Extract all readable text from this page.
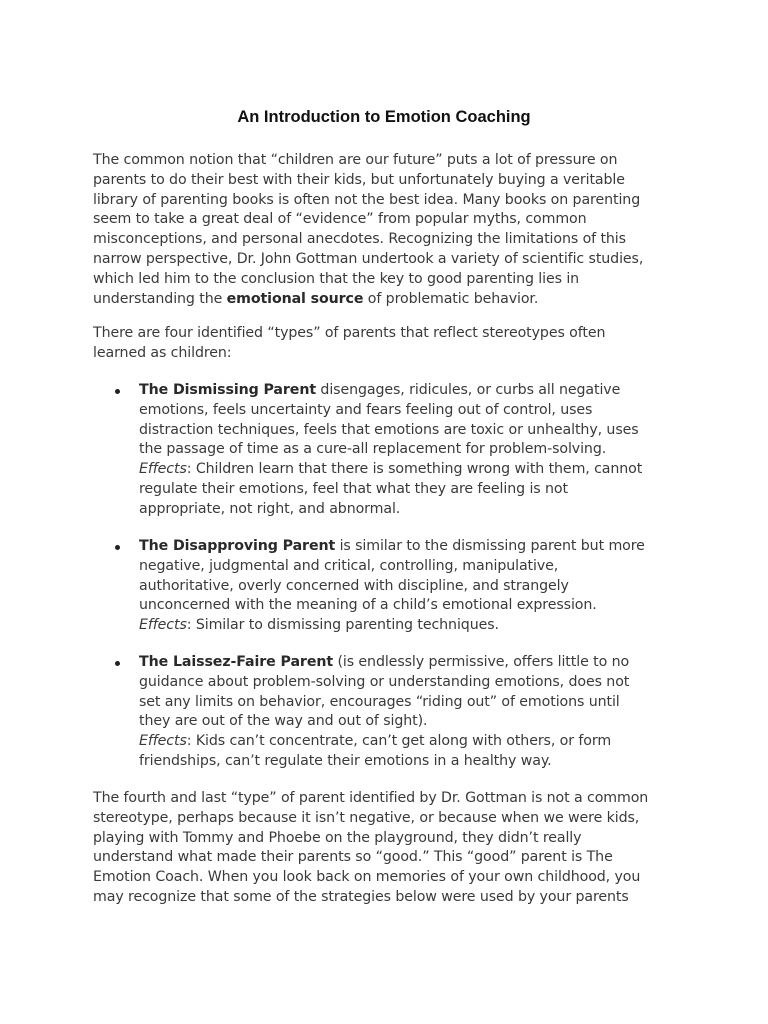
An Introduction to Emotion Coaching

The common notion that “children are our future” puts a lot of pressure on
parents to do their best with their kids, but unfortunately buying a veritable
library of parenting books is often not the best idea. Many books on parenting
seem to take a great deal of “evidence” from popular myths, common
misconceptions, and personal anecdotes. Recognizing the limitations of this
narrow perspective, Dr. John Gottman undertook a variety of scientific studies,
which led him to the conclusion that the key to good parenting lies in
understanding the emotional source of problematic behavior.

There are four identified “types” of parents that reflect stereotypes often
learned as children:

The Dismissing Parent disengages, ridicules, or curbs all negative
emotions, feels uncertainty and fears feeling out of control, uses
distraction techniques, feels that emotions are toxic or unhealthy, uses
the passage of time as a cure-all replacement for problem-solving.
Effects: Children learn that there is something wrong with them, cannot
regulate their emotions, feel that what they are feeling is not
appropriate, not right, and abnormal.
The Disapproving Parent is similar to the dismissing parent but more
negative, judgmental and critical, controlling, manipulative,
authoritative, overly concerned with discipline, and strangely
unconcerned with the meaning of a child’s emotional expression.
Effects: Similar to dismissing parenting techniques.
The Laissez-Faire Parent (is endlessly permissive, offers little to no
guidance about problem-solving or understanding emotions, does not
set any limits on behavior, encourages “riding out” of emotions until
they are out of the way and out of sight).
Effects: Kids can’t concentrate, can’t get along with others, or form
friendships, can’t regulate their emotions in a healthy way.

The fourth and last “type” of parent identified by Dr. Gottman is not a common
stereotype, perhaps because it isn’t negative, or because when we were kids,
playing with Tommy and Phoebe on the playground, they didn’t really
understand what made their parents so “good.” This “good” parent is The
Emotion Coach. When you look back on memories of your own childhood, you
may recognize that some of the strategies below were used by your parents
